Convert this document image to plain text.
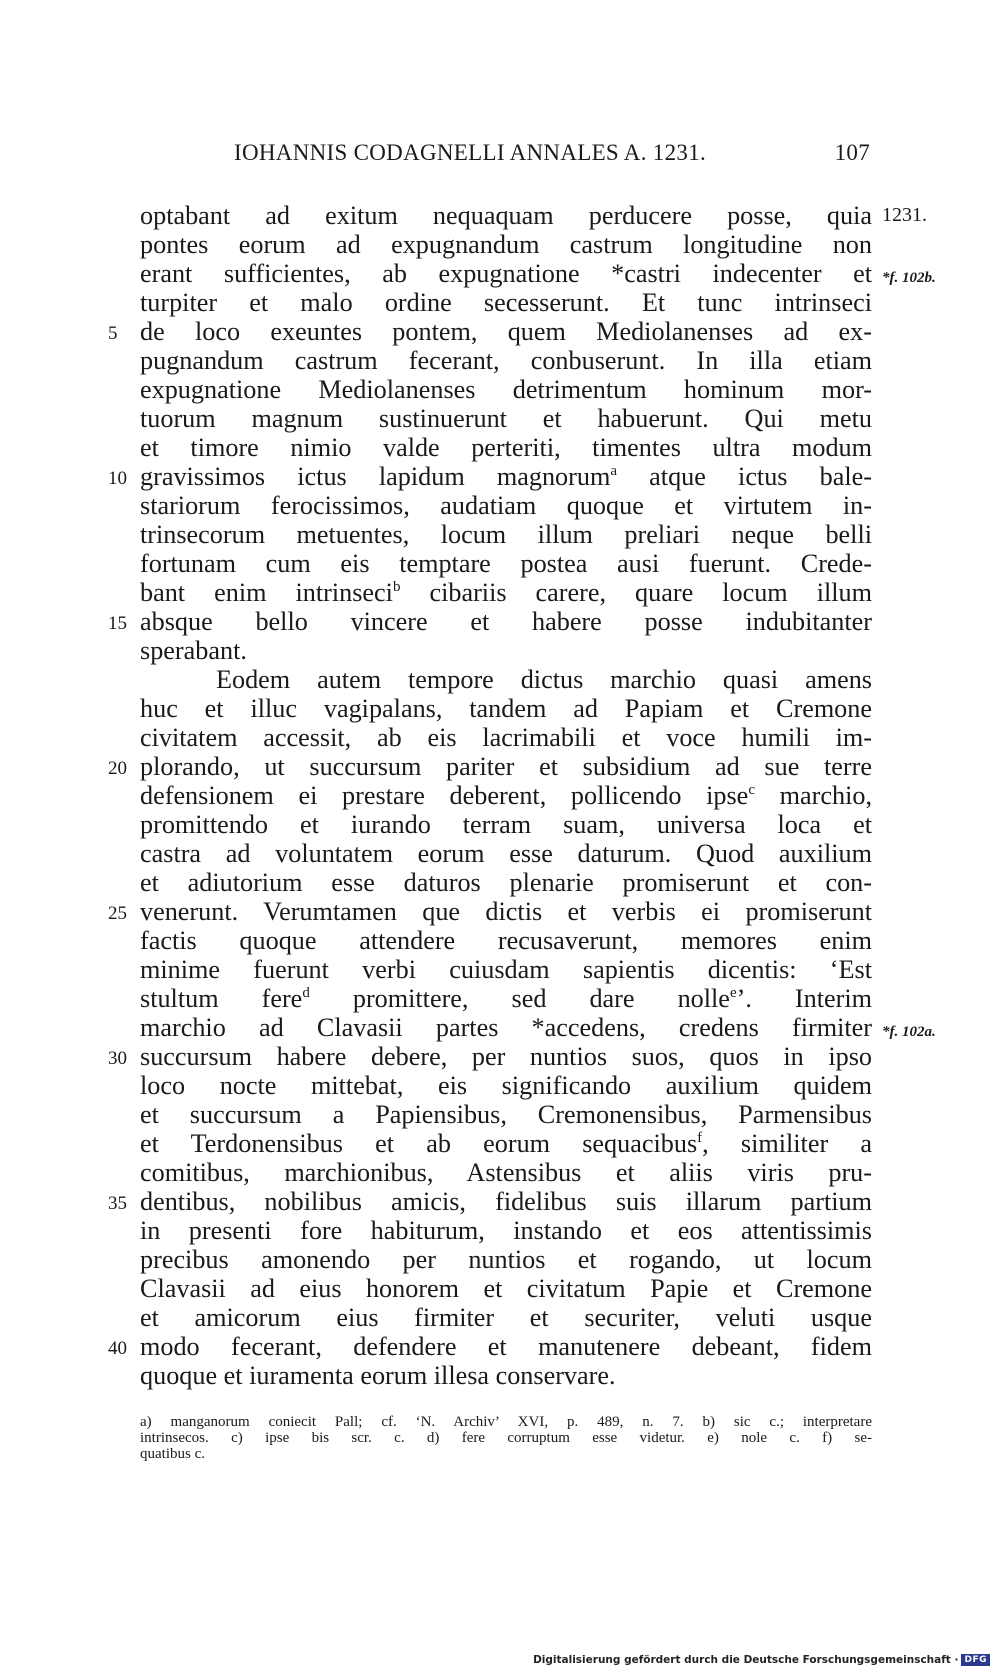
IOHANNIS CODAGNELLI ANNALES A. 1231.	107
optabant ad exitum nequaquam perducere posse, quia 1231.
pontes eorum ad expugnandum castrum longitudine non
erant sufficientes, ab expugnatione *castri indecenter et *f. 102b.
turpiter et malo ordine secesserunt. Et tunc intrinseci
de loco exeuntes pontem, quem Mediolanenses ad ex-
5
pugnandum castrum fecerant, conbuserunt. In illa etiam
expugnatione Mediolanenses detrimentum hominum mor-
tuorum magnum sustinuerunt et habuerunt. Qui metu
et timore nimio valde perteriti, timentes ultra modum
gravissimos ictus lapidum magnorum$^a$ atque ictus bale-
10
stariorum ferocissimos, audatiam quoque et virtutem in-
trinsecorum metuentes, locum illum preliari neque belli
fortunam cum eis temptare postea ausi fuerunt. Crede-
bant enim intrinseci$^b$ cibariis carere, quare locum illum
absque bello vincere et habere posse indubitanter
15
sperabant.
Eodem autem tempore dictus marchio quasi amens
huc et illuc vagipalans, tandem ad Papiam et Cremone
civitatem accessit, ab eis lacrimabili et voce humili im-
plorando, ut succursum pariter et subsidium ad sue terre
20
defensionem ei prestare deberent, pollicendo ipse$^c$ marchio,
promittendo et iurando terram suam, universa loca et
castra ad voluntatem eorum esse daturum. Quod auxilium
et adiutorium esse daturos plenarie promiserunt et con-
venerunt. Verumtamen que dictis et verbis ei promiserunt
25
factis quoque attendere recusaverunt, memores enim
minime fuerunt verbi cuiusdam sapientis dicentis: ‘Est
stultum fere$^d$ promittere, sed dare nolle$^e$’. Interim
marchio ad Clavasii partes *accedens, credens firmiter *f. 102a.
succursum habere debere, per nuntios suos, quos in ipso
30
loco nocte mittebat, eis significando auxilium quidem
et succursum a Papiensibus, Cremonensibus, Parmensibus
et Terdonensibus et ab eorum sequacibus$^f$, similiter a
comitibus, marchionibus, Astensibus et aliis viris pru-
dentibus, nobilibus amicis, fidelibus suis illarum partium
35
in presenti fore habiturum, instando et eos attentissimis
precibus amonendo per nuntios et rogando, ut locum
Clavasii ad eius honorem et civitatum Papie et Cremone
et amicorum eius firmiter et securiter, veluti usque
modo fecerant, defendere et manutenere debeant, fidem
40
quoque et iuramenta eorum illesa conservare.
a) manganorum coniecit Pall; cf. ‘N. Archiv’ XVI, p. 489, n. 7. b) sic c.; interpretare
intrinsecos. c) ipse bis scr. c. d) fere corruptum esse videtur. e) nole c. f) se-
quatibus c.
Digitalisierung gefördert durch die Deutsche Forschungsgemeinschaft · DFG
